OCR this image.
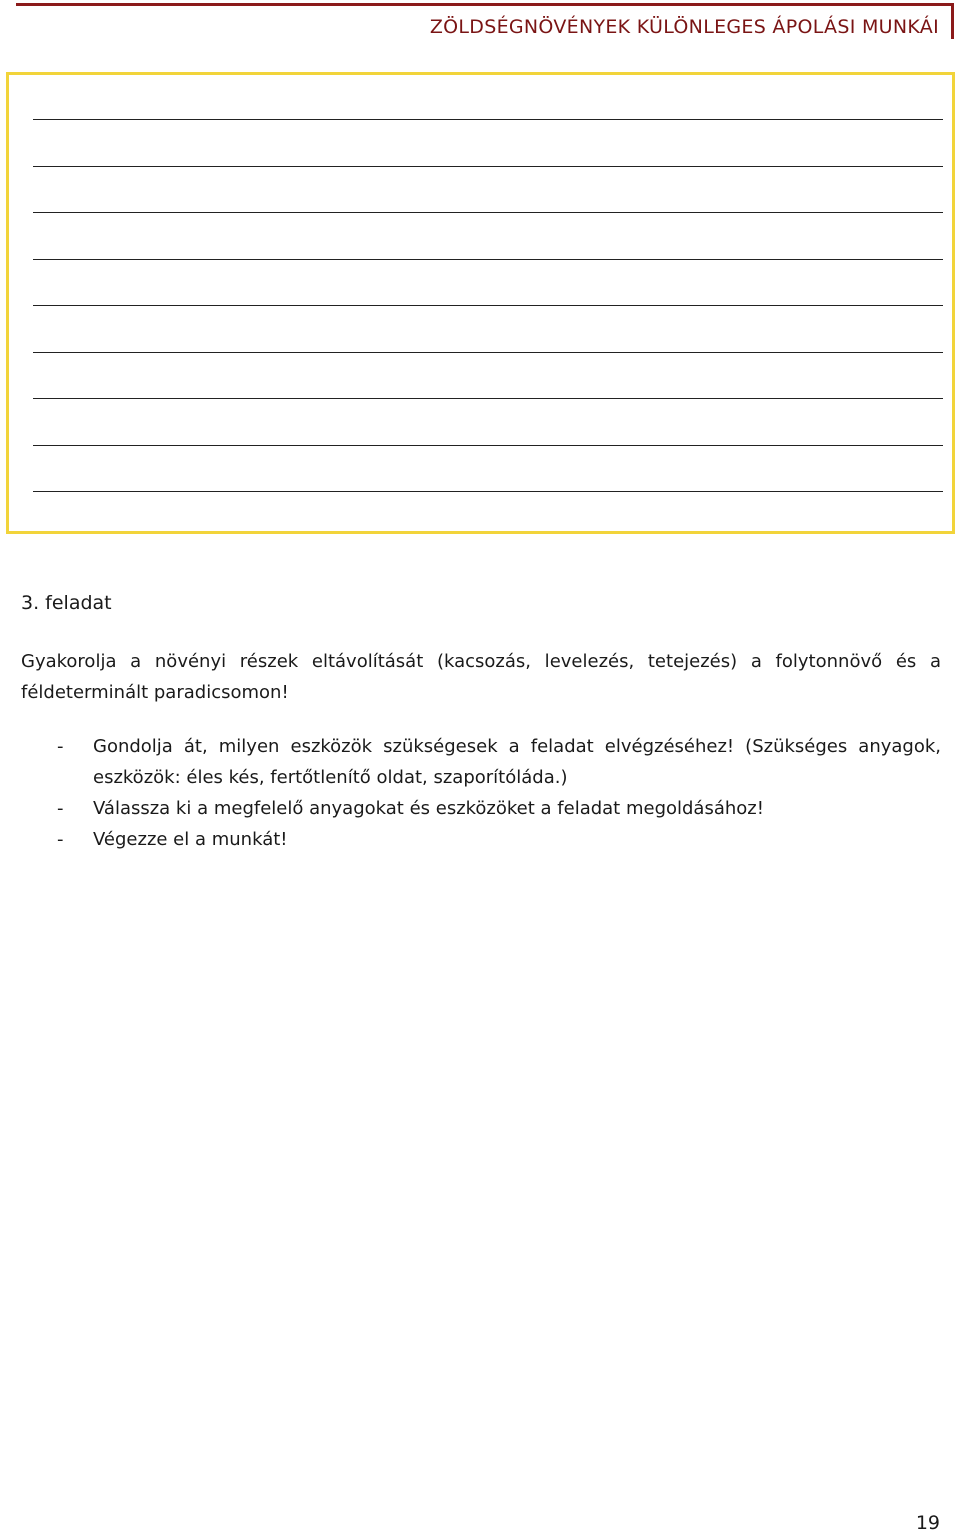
ZÖLDSÉGNÖVÉNYEK KÜLÖNLEGES ÁPOLÁSI MUNKÁI
3. feladat
Gyakorolja a növényi részek eltávolítását (kacsozás, levelezés, tetejezés) a folytonnövő és a féldeterminált paradicsomon!
- Gondolja át, milyen eszközök szükségesek a feladat elvégzéséhez! (Szükséges anyagok, eszközök: éles kés, fertőtlenítő oldat, szaporítóláda.)
- Válassza ki a megfelelő anyagokat és eszközöket a feladat megoldásához!
- Végezze el a munkát!
19
